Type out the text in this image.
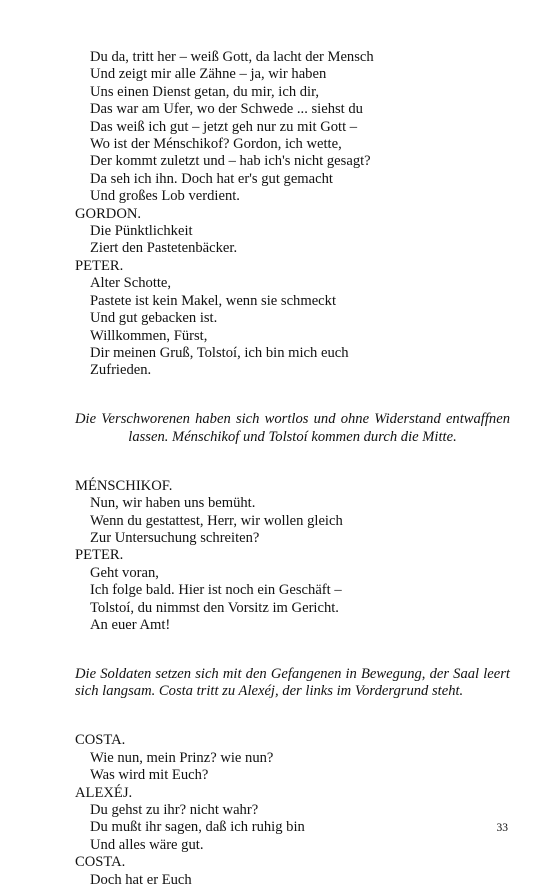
Du da, tritt her – weiß Gott, da lacht der Mensch

Und zeigt mir alle Zähne – ja, wir haben

Uns einen Dienst getan, du mir, ich dir,

Das war am Ufer, wo der Schwede ... siehst du

Das weiß ich gut – jetzt geh nur zu mit Gott –

Wo ist der Ménschikof? Gordon, ich wette,

Der kommt zuletzt und – hab ich's nicht gesagt?

Da seh ich ihn. Doch hat er's gut gemacht

Und großes Lob verdient.

GORDON.

Die Pünktlichkeit

Ziert den Pastetenbäcker.

PETER.

Alter Schotte,

Pastete ist kein Makel, wenn sie schmeckt

Und gut gebacken ist.

Willkommen, Fürst,

Dir meinen Gruß, Tolstoí, ich bin mich euch

Zufrieden.

Die Verschworenen haben sich wortlos und ohne Widerstand entwaffnen lassen. Ménschikof und Tolstoí kommen durch die Mitte.

MÉNSCHIKOF.

Nun, wir haben uns bemüht.

Wenn du gestattest, Herr, wir wollen gleich

Zur Untersuchung schreiten?

PETER.

Geht voran,

Ich folge bald. Hier ist noch ein Geschäft –

Tolstoí, du nimmst den Vorsitz im Gericht.

An euer Amt!

Die Soldaten setzen sich mit den Gefangenen in Bewegung, der Saal leert sich langsam. Costa tritt zu Alexéj, der links im Vordergrund steht.

COSTA.

Wie nun, mein Prinz? wie nun?

Was wird mit Euch?

ALEXÉJ.

Du gehst zu ihr? nicht wahr?

Du mußt ihr sagen, daß ich ruhig bin

Und alles wäre gut.

COSTA.

Doch hat er Euch

33
